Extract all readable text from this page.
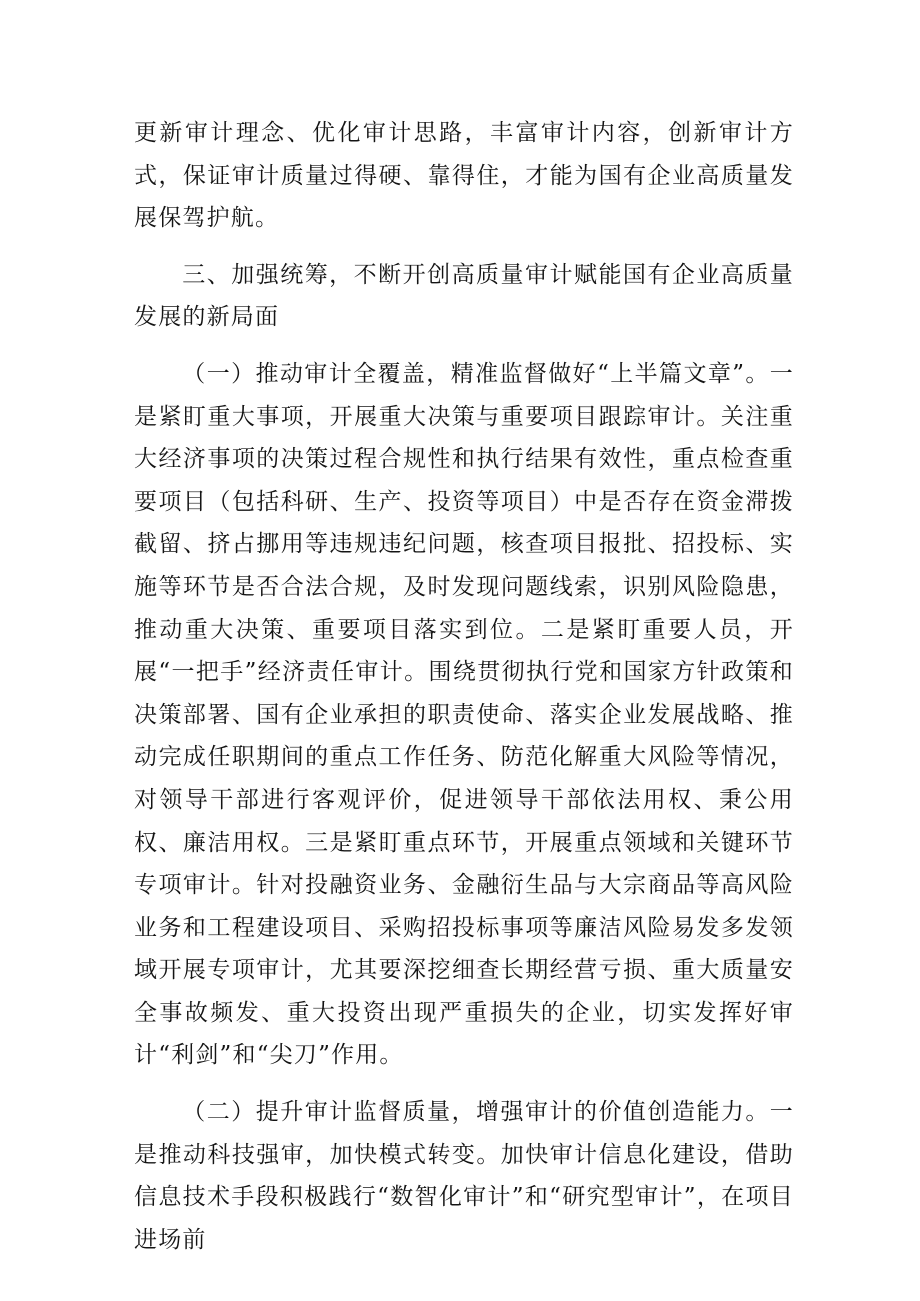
更新审计理念、优化审计思路，丰富审计内容，创新审计方式，保证审计质量过得硬、靠得住，才能为国有企业高质量发展保驾护航。

三、加强统筹，不断开创高质量审计赋能国有企业高质量发展的新局面

（一）推动审计全覆盖，精准监督做好“上半篇文章”。一是紧盯重大事项，开展重大决策与重要项目跟踪审计。关注重大经济事项的决策过程合规性和执行结果有效性，重点检查重要项目（包括科研、生产、投资等项目）中是否存在资金滞拨截留、挤占挪用等违规违纪问题，核查项目报批、招投标、实施等环节是否合法合规，及时发现问题线索，识别风险隐患，推动重大决策、重要项目落实到位。二是紧盯重要人员，开展“一把手”经济责任审计。围绕贯彻执行党和国家方针政策和决策部署、国有企业承担的职责使命、落实企业发展战略、推动完成任职期间的重点工作任务、防范化解重大风险等情况，对领导干部进行客观评价，促进领导干部依法用权、秉公用权、廉洁用权。三是紧盯重点环节，开展重点领域和关键环节专项审计。针对投融资业务、金融衍生品与大宗商品等高风险业务和工程建设项目、采购招投标事项等廉洁风险易发多发领域开展专项审计，尤其要深挖细查长期经营亏损、重大质量安全事故频发、重大投资出现严重损失的企业，切实发挥好审计“利剑”和“尖刀”作用。

（二）提升审计监督质量，增强审计的价值创造能力。一是推动科技强审，加快模式转变。加快审计信息化建设，借助信息技术手段积极践行“数智化审计”和“研究型审计”，在项目进场前
